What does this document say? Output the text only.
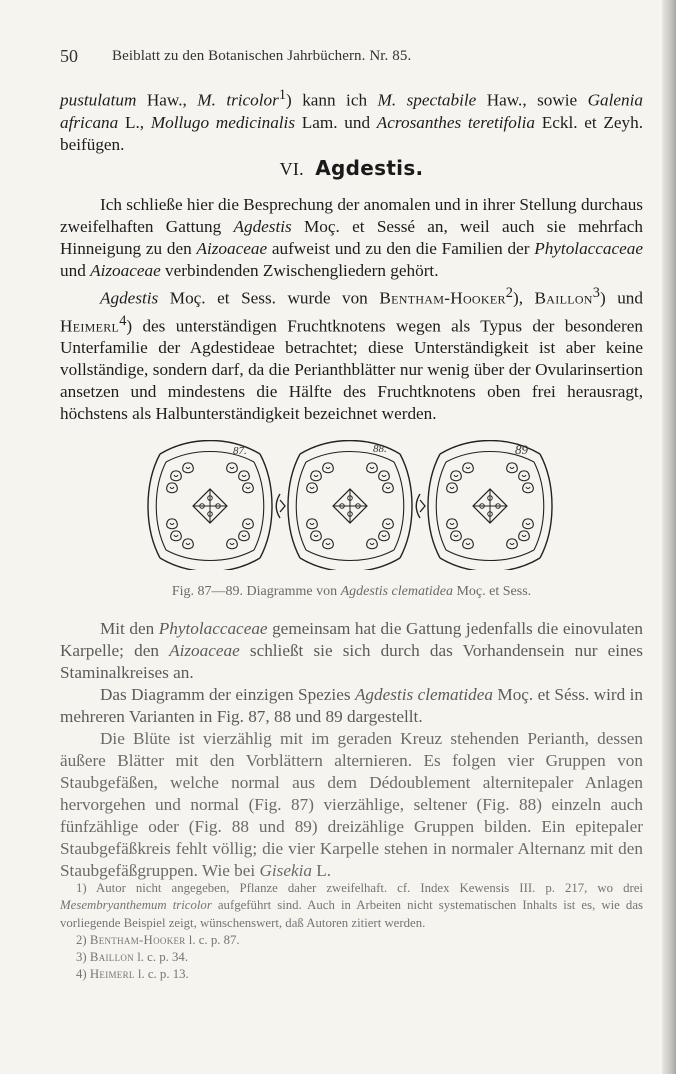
50 Beiblatt zu den Botanischen Jahrbüchern. Nr. 85.

pustulatum Haw., M. tricolor$^1$) kann ich M. spectabile Haw., sowie Galenia africana L., Mollugo medicinalis Lam. und Acrosanthes teretifolia Eckl. et Zeyh. beifügen.

VI. Agdestis.

Ich schließe hier die Besprechung der anomalen und in ihrer Stellung durchaus zweifelhaften Gattung Agdestis Moç. et Sessé an, weil auch sie mehrfach Hinneigung zu den Aizoaceae aufweist und zu den die Familien der Phytolaccaceae und Aizoaceae verbindenden Zwischengliedern gehört.

Agdestis Moç. et Sess. wurde von Bentham-Hooker$^2$), Baillon$^3$) und Heimerl$^4$) des unterständigen Fruchtknotens wegen als Typus der besonderen Unterfamilie der Agdestideae betrachtet; diese Unterständigkeit ist aber keine vollständige, sondern darf, da die Perianthblätter nur wenig über der Ovularinsertion ansetzen und mindestens die Hälfte des Fruchtknotens oben frei herausragt, höchstens als Halbunterständigkeit bezeichnet werden.

87.	88.	89
Fig. 87—89. Diagramme von Agdestis clematidea Moç. et Sess.

Mit den Phytolaccaceae gemeinsam hat die Gattung jedenfalls die einovulaten Karpelle; den Aizoaceae schließt sie sich durch das Vorhandensein nur eines Staminalkreises an.

Das Diagramm der einzigen Spezies Agdestis clematidea Moç. et Séss. wird in mehreren Varianten in Fig. 87, 88 und 89 dargestellt.

Die Blüte ist vierzählig mit im geraden Kreuz stehenden Perianth, dessen äußere Blätter mit den Vorblättern alternieren. Es folgen vier Gruppen von Staubgefäßen, welche normal aus dem Dédoublement alternitepaler Anlagen hervorgehen und normal (Fig. 87) vierzählige, seltener (Fig. 88) einzeln auch fünfzählige oder (Fig. 88 und 89) dreizählige Gruppen bilden. Ein epitepaler Staubgefäßkreis fehlt völlig; die vier Karpelle stehen in normaler Alternanz mit den Staubgefäßgruppen. Wie bei Gisekia L.

1) Autor nicht angegeben, Pflanze daher zweifelhaft. cf. Index Kewensis III. p. 217, wo drei Mesembryanthemum tricolor aufgeführt sind. Auch in Arbeiten nicht systematischen Inhalts ist es, wie das vorliegende Beispiel zeigt, wünschenswert, daß Autoren zitiert werden.

2) Bentham-Hooker l. c. p. 87.

3) Baillon l. c. p. 34.

4) Heimerl l. c. p. 13.
